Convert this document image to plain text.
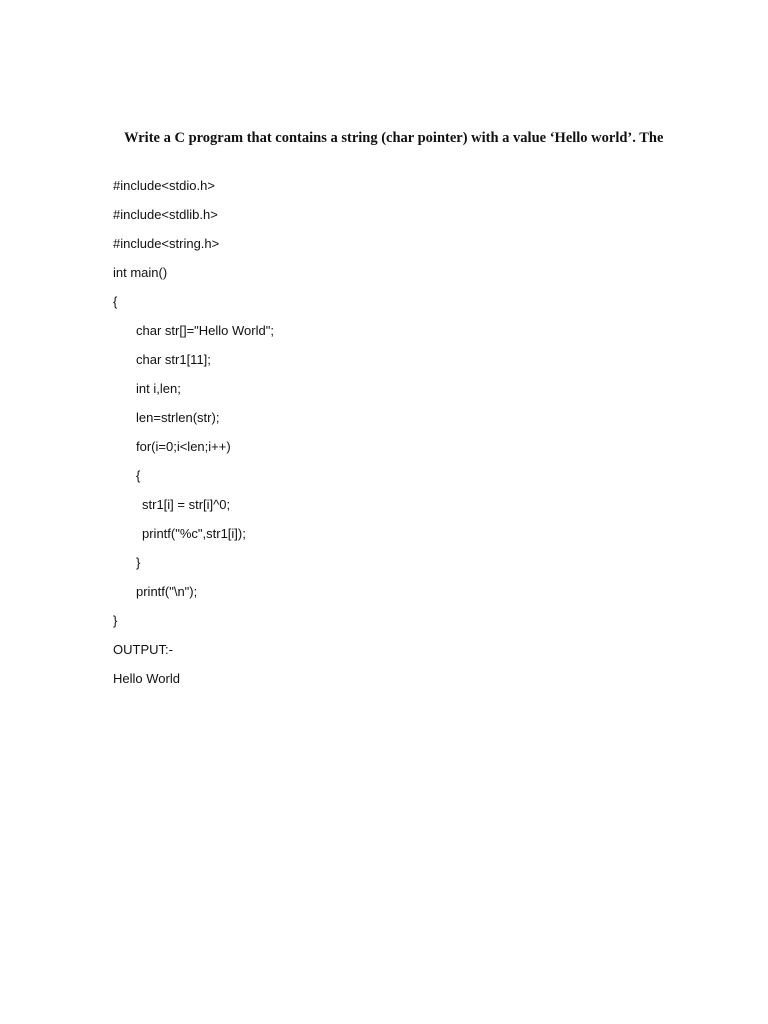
Write a C program that contains a string (char pointer) with a value ‘Hello world’. The

#include<stdio.h>
#include<stdlib.h>
#include<string.h>
int main()
{
char str[]="Hello World";
char str1[11];
int i,len;
len=strlen(str);
for(i=0;i<len;i++)
{
str1[i] = str[i]^0;
printf("%c",str1[i]);
}
printf("\n");
}
OUTPUT:-
Hello World
